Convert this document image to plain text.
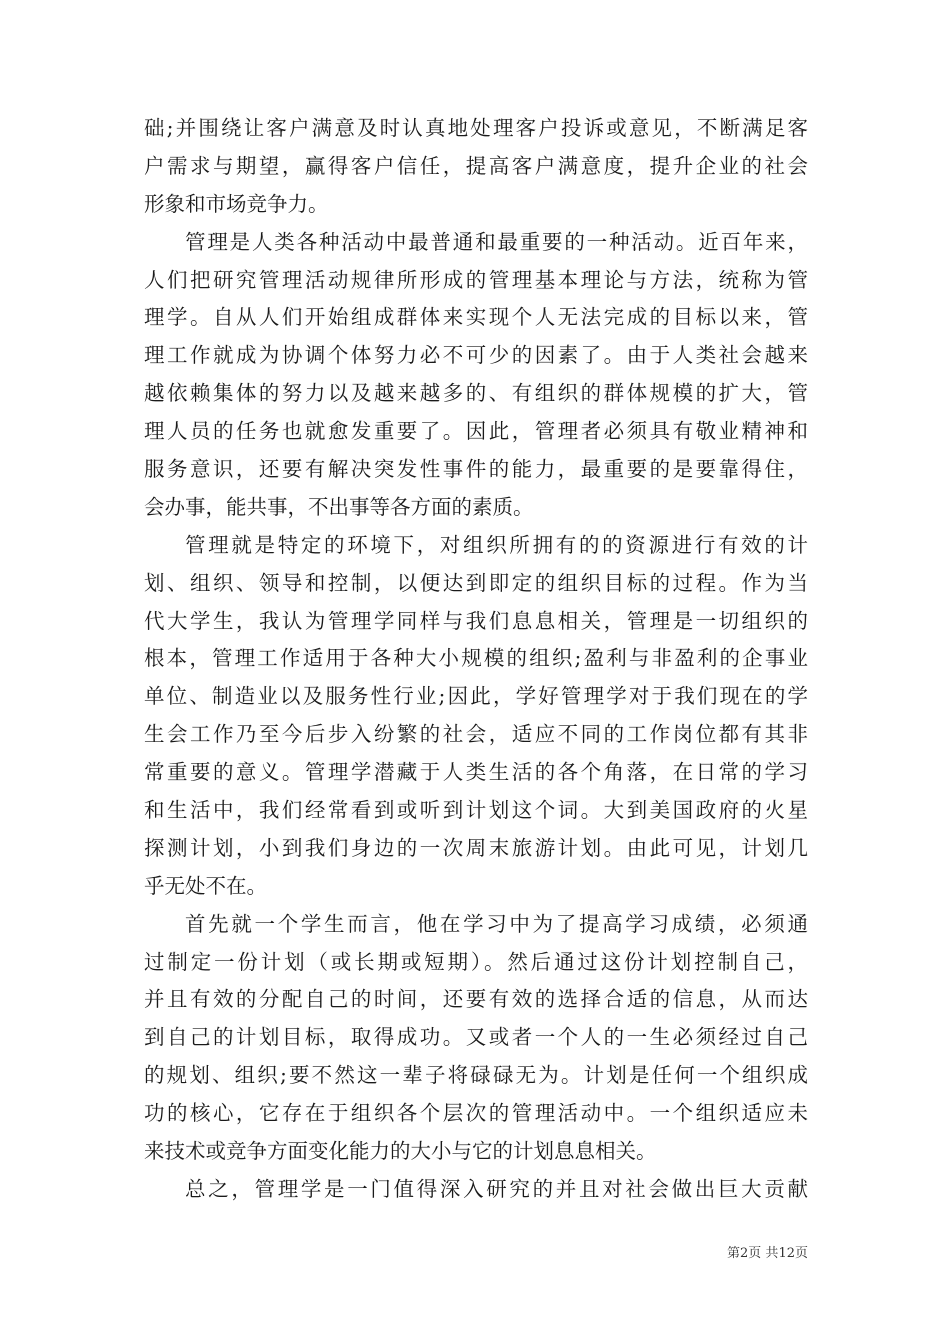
础;并围绕让客户满意及时认真地处理客户投诉或意见，不断满足客
户需求与期望，赢得客户信任，提高客户满意度，提升企业的社会
形象和市场竞争力。
管理是人类各种活动中最普通和最重要的一种活动。近百年来，
人们把研究管理活动规律所形成的管理基本理论与方法，统称为管
理学。自从人们开始组成群体来实现个人无法完成的目标以来，管
理工作就成为协调个体努力必不可少的因素了。由于人类社会越来
越依赖集体的努力以及越来越多的、有组织的群体规模的扩大，管
理人员的任务也就愈发重要了。因此，管理者必须具有敬业精神和
服务意识，还要有解决突发性事件的能力，最重要的是要靠得住，
会办事，能共事，不出事等各方面的素质。
管理就是特定的环境下，对组织所拥有的的资源进行有效的计
划、组织、领导和控制，以便达到即定的组织目标的过程。作为当
代大学生，我认为管理学同样与我们息息相关，管理是一切组织的
根本，管理工作适用于各种大小规模的组织;盈利与非盈利的企事业
单位、制造业以及服务性行业;因此，学好管理学对于我们现在的学
生会工作乃至今后步入纷繁的社会，适应不同的工作岗位都有其非
常重要的意义。管理学潜藏于人类生活的各个角落，在日常的学习
和生活中，我们经常看到或听到计划这个词。大到美国政府的火星
探测计划，小到我们身边的一次周末旅游计划。由此可见，计划几
乎无处不在。
首先就一个学生而言，他在学习中为了提高学习成绩，必须通
过制定一份计划（或长期或短期）。然后通过这份计划控制自己，
并且有效的分配自己的时间，还要有效的选择合适的信息，从而达
到自己的计划目标，取得成功。又或者一个人的一生必须经过自己
的规划、组织;要不然这一辈子将碌碌无为。计划是任何一个组织成
功的核心，它存在于组织各个层次的管理活动中。一个组织适应未
来技术或竞争方面变化能力的大小与它的计划息息相关。
总之，管理学是一门值得深入研究的并且对社会做出巨大贡献
第2页 共12页
